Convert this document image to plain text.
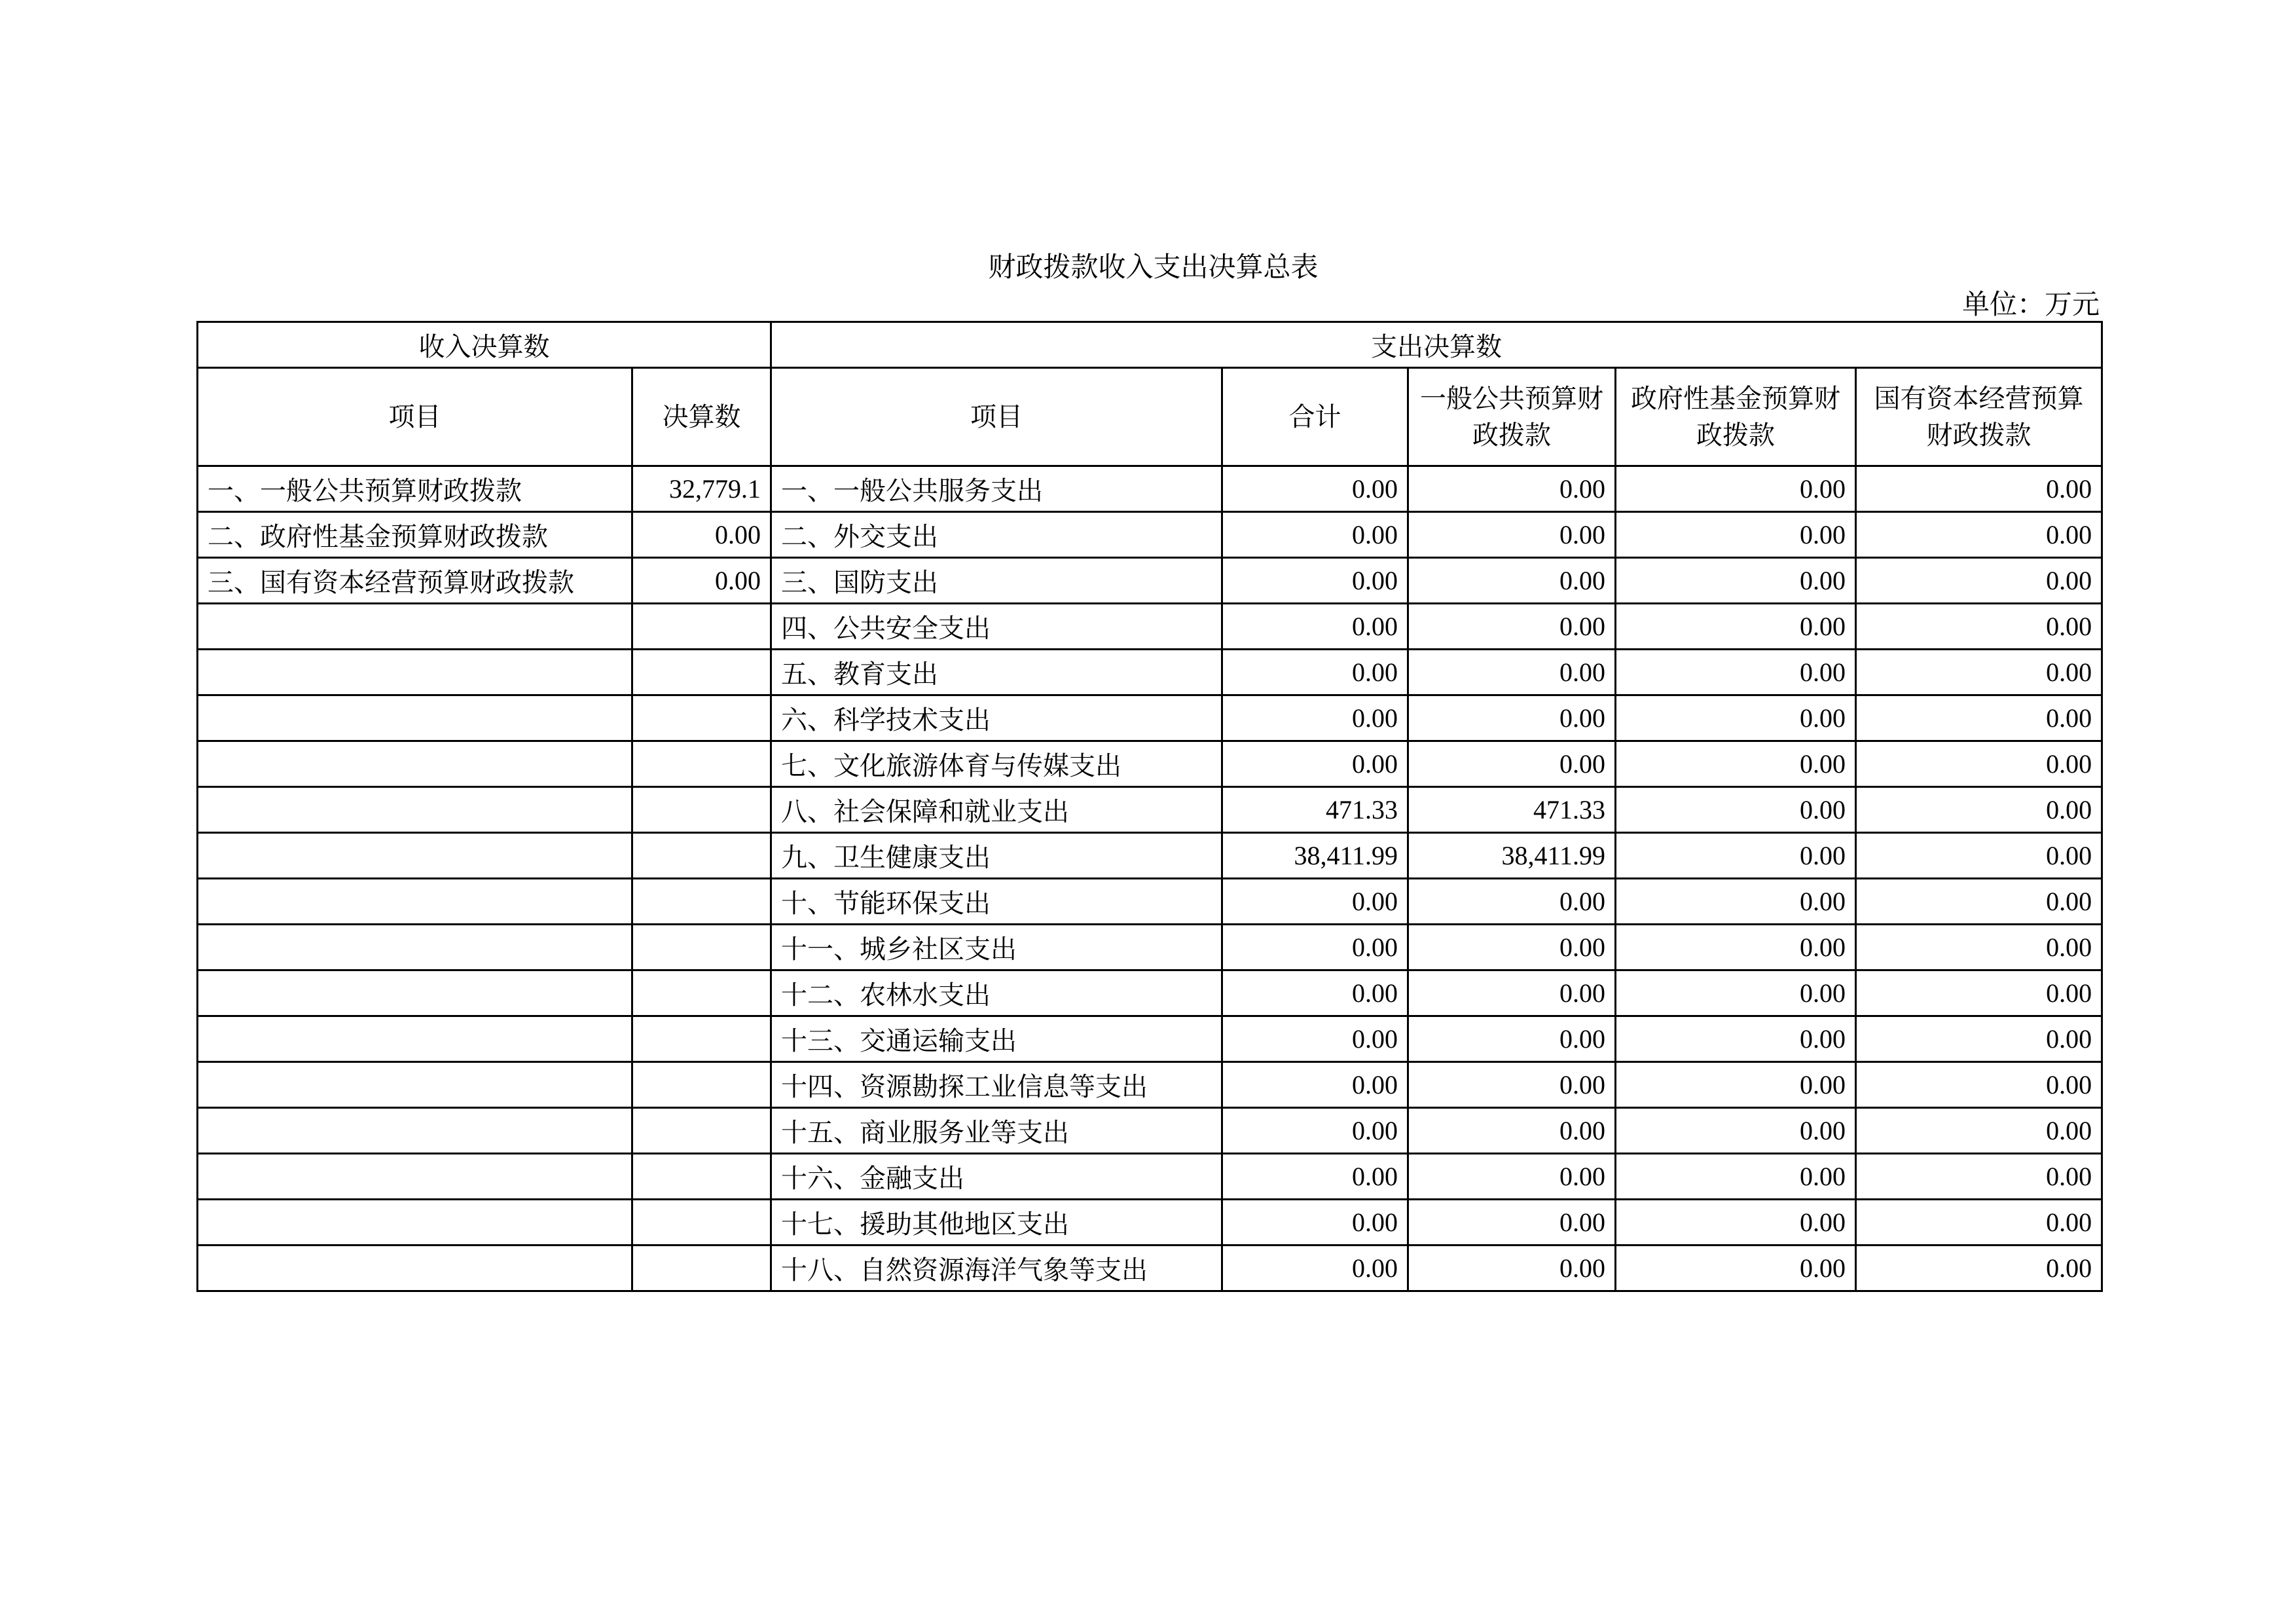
财政拨款收入支出决算总表
单位：万元
收入决算数		支出决算数				
项目	决算数	项目	合计	一般公共预算财政拨款	政府性基金预算财政拨款	国有资本经营预算财政拨款
一、一般公共预算财政拨款	32,779.1	一、一般公共服务支出	0.00	0.00	0.00	0.00
二、政府性基金预算财政拨款	0.00	二、外交支出	0.00	0.00	0.00	0.00
三、国有资本经营预算财政拨款	0.00	三、国防支出	0.00	0.00	0.00	0.00
		四、公共安全支出	0.00	0.00	0.00	0.00
		五、教育支出	0.00	0.00	0.00	0.00
		六、科学技术支出	0.00	0.00	0.00	0.00
		七、文化旅游体育与传媒支出	0.00	0.00	0.00	0.00
		八、社会保障和就业支出	471.33	471.33	0.00	0.00
		九、卫生健康支出	38,411.99	38,411.99	0.00	0.00
		十、节能环保支出	0.00	0.00	0.00	0.00
		十一、城乡社区支出	0.00	0.00	0.00	0.00
		十二、农林水支出	0.00	0.00	0.00	0.00
		十三、交通运输支出	0.00	0.00	0.00	0.00
		十四、资源勘探工业信息等支出	0.00	0.00	0.00	0.00
		十五、商业服务业等支出	0.00	0.00	0.00	0.00
		十六、金融支出	0.00	0.00	0.00	0.00
		十七、援助其他地区支出	0.00	0.00	0.00	0.00
		十八、自然资源海洋气象等支出	0.00	0.00	0.00	0.00
